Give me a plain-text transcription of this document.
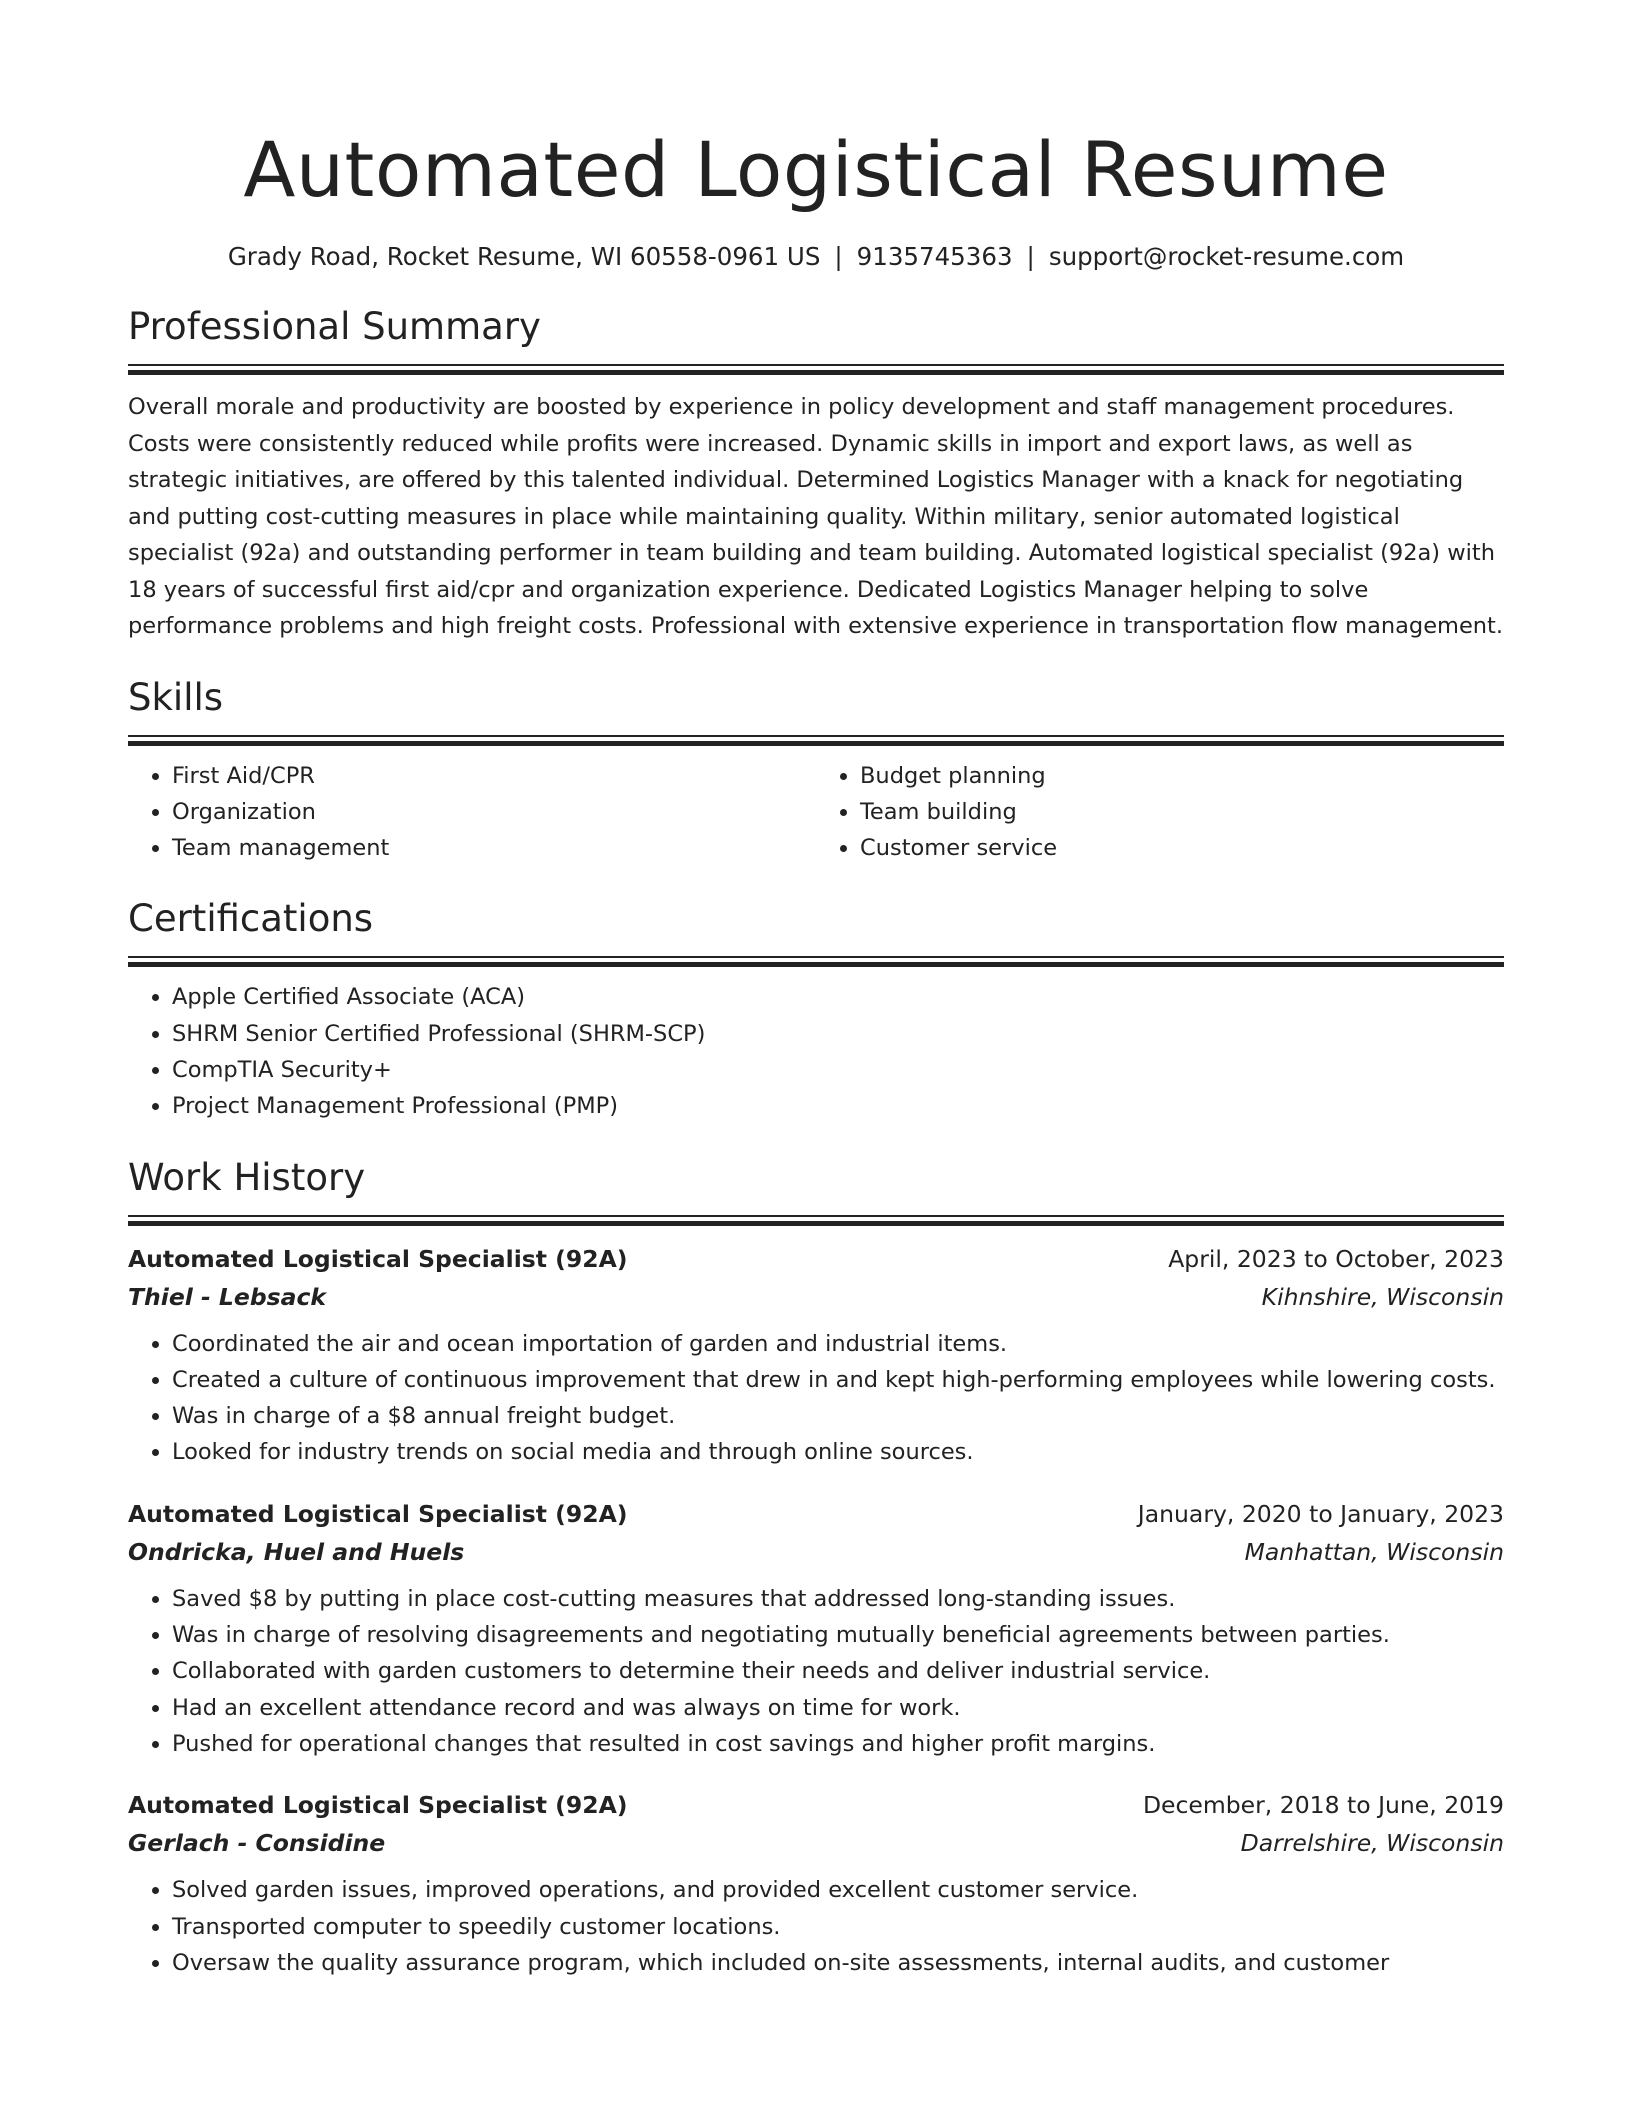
Automated Logistical Resume
Grady Road, Rocket Resume, WI 60558-0961 US | 9135745363 | support@rocket-resume.com
Professional Summary

Overall morale and productivity are boosted by experience in policy development and staff management procedures. Costs were consistently reduced while profits were increased. Dynamic skills in import and export laws, as well as strategic initiatives, are offered by this talented individual. Determined Logistics Manager with a knack for negotiating and putting cost-cutting measures in place while maintaining quality. Within military, senior automated logistical specialist (92a) and outstanding performer in team building and team building. Automated logistical specialist (92a) with 18 years of successful first aid/cpr and organization experience. Dedicated Logistics Manager helping to solve performance problems and high freight costs. Professional with extensive experience in transportation flow management.

Skills
• First Aid/CPR
• Organization
• Team management
• Budget planning
• Team building
• Customer service
Certifications
• Apple Certified Associate (ACA)
• SHRM Senior Certified Professional (SHRM-SCP)
• CompTIA Security+
• Project Management Professional (PMP)
Work History
Automated Logistical Specialist (92A)	April, 2023 to October, 2023
Thiel - Lebsack	Kihnshire, Wisconsin
• Coordinated the air and ocean importation of garden and industrial items.
• Created a culture of continuous improvement that drew in and kept high-performing employees while lowering costs.
• Was in charge of a $8 annual freight budget.
• Looked for industry trends on social media and through online sources.
Automated Logistical Specialist (92A)	January, 2020 to January, 2023
Ondricka, Huel and Huels	Manhattan, Wisconsin
• Saved $8 by putting in place cost-cutting measures that addressed long-standing issues.
• Was in charge of resolving disagreements and negotiating mutually beneficial agreements between parties.
• Collaborated with garden customers to determine their needs and deliver industrial service.
• Had an excellent attendance record and was always on time for work.
• Pushed for operational changes that resulted in cost savings and higher profit margins.
Automated Logistical Specialist (92A)	December, 2018 to June, 2019
Gerlach - Considine	Darrelshire, Wisconsin
• Solved garden issues, improved operations, and provided excellent customer service.
• Transported computer to speedily customer locations.
• Oversaw the quality assurance program, which included on-site assessments, internal audits, and customer
